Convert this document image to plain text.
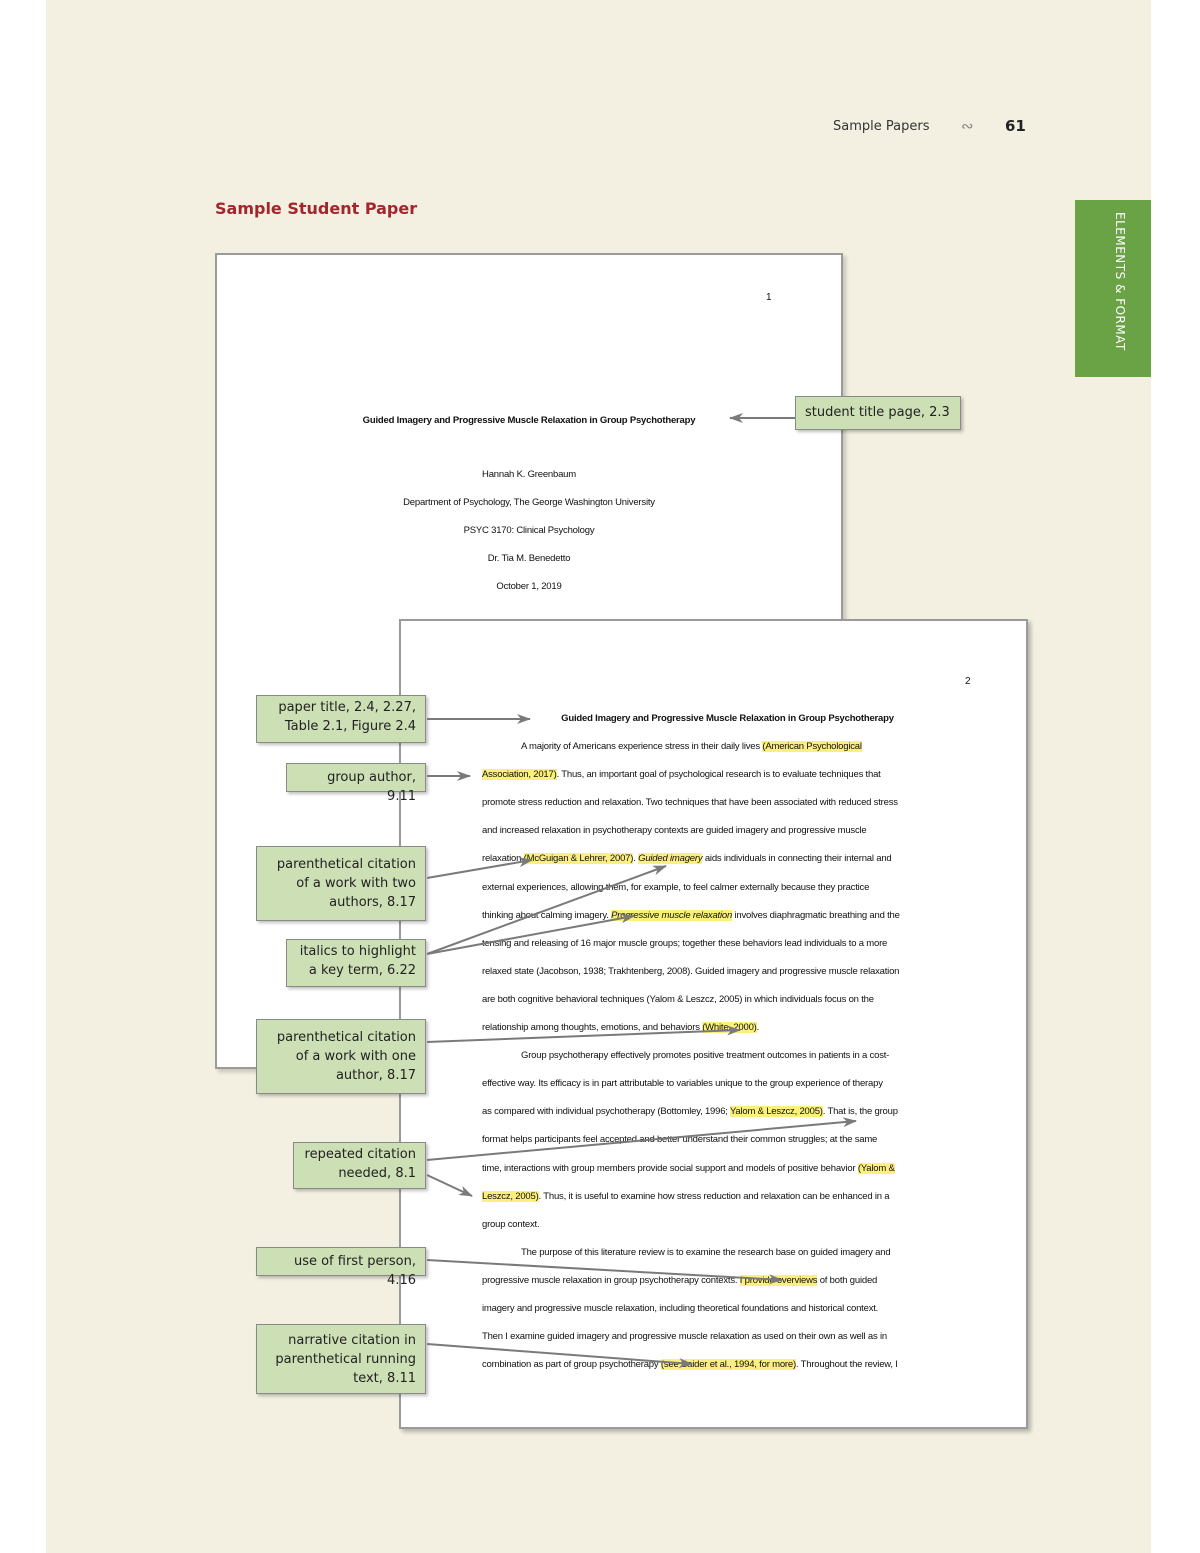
Sample Papers ∾ 61
Sample Student Paper
ELEMENTS & FORMAT
1
Guided Imagery and Progressive Muscle Relaxation in Group Psychotherapy
Hannah K. Greenbaum
Department of Psychology, The George Washington University
PSYC 3170: Clinical Psychology
Dr. Tia M. Benedetto
October 1, 2019
2
Guided Imagery and Progressive Muscle Relaxation in Group Psychotherapy
A majority of Americans experience stress in their daily lives (American Psychological
Association, 2017). Thus, an important goal of psychological research is to evaluate techniques that
promote stress reduction and relaxation. Two techniques that have been associated with reduced stress
and increased relaxation in psychotherapy contexts are guided imagery and progressive muscle
relaxation (McGuigan & Lehrer, 2007). Guided imagery aids individuals in connecting their internal and
external experiences, allowing them, for example, to feel calmer externally because they practice
thinking about calming imagery. Progressive muscle relaxation involves diaphragmatic breathing and the
tensing and releasing of 16 major muscle groups; together these behaviors lead individuals to a more
relaxed state (Jacobson, 1938; Trakhtenberg, 2008). Guided imagery and progressive muscle relaxation
are both cognitive behavioral techniques (Yalom & Leszcz, 2005) in which individuals focus on the
relationship among thoughts, emotions, and behaviors (White, 2000).
Group psychotherapy effectively promotes positive treatment outcomes in patients in a cost-
effective way. Its efficacy is in part attributable to variables unique to the group experience of therapy
as compared with individual psychotherapy (Bottomley, 1996; Yalom & Leszcz, 2005). That is, the group
format helps participants feel accepted and better understand their common struggles; at the same
time, interactions with group members provide social support and models of positive behavior (Yalom &
Leszcz, 2005). Thus, it is useful to examine how stress reduction and relaxation can be enhanced in a
group context.
The purpose of this literature review is to examine the research base on guided imagery and
progressive muscle relaxation in group psychotherapy contexts. I provide overviews of both guided
imagery and progressive muscle relaxation, including theoretical foundations and historical context.
Then I examine guided imagery and progressive muscle relaxation as used on their own as well as in
combination as part of group psychotherapy (see Baider et al., 1994, for more). Throughout the review, I
student title page, 2.3
paper title, 2.4, 2.27,
Table 2.1, Figure 2.4
group author, 9.11
parenthetical citation
of a work with two
authors, 8.17
italics to highlight
a key term, 6.22
parenthetical citation
of a work with one
author, 8.17
repeated citation
needed, 8.1
use of first person, 4.16
narrative citation in
parenthetical running
text, 8.11
